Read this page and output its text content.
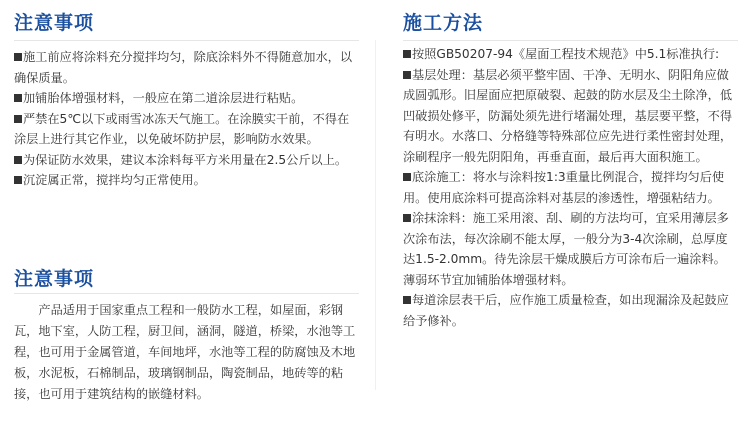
注意事项

施工前应将涂料充分搅拌均匀，除底涂料外不得随意加水，以确保质量。

加铺胎体增强材料，一般应在第二道涂层进行粘贴。

严禁在5℃以下或雨雪冰冻天气施工。在涂膜实干前，不得在涂层上进行其它作业，以免破坏防护层，影响防水效果。

为保证防水效果，建议本涂料每平方米用量在2.5公斤以上。

沉淀属正常，搅拌均匀正常使用。

注意事项
产品适用于国家重点工程和一般防水工程，如屋面，彩钢瓦，地下室，人防工程，厨卫间，涵洞，隧道，桥梁，水池等工程，也可用于金属管道，车间地坪，水池等工程的防腐蚀及木地板，水泥板，石棉制品，玻璃钢制品，陶瓷制品，地砖等的粘接，也可用于建筑结构的嵌缝材料。
施工方法

按照GB50207-94《屋面工程技术规范》中5.1标准执行:

基层处理：基层必须平整牢固、干净、无明水、阴阳角应做成圆弧形。旧屋面应把原破裂、起鼓的防水层及尘土除净，低凹破损处修平，防漏处须先进行堵漏处理，基层要平整，不得有明水。水落口、分格缝等特殊部位应先进行柔性密封处理，涂刷程序一般先阴阳角，再垂直面，最后再大面积施工。

底涂施工：将水与涂料按1:3重量比例混合，搅拌均匀后使用。使用底涂料可提高涂料对基层的渗透性，增强粘结力。

涂抹涂料：施工采用滚、刮、刷的方法均可，宜采用薄层多次涂布法，每次涂刷不能太厚，一般分为3-4次涂刷，总厚度达1.5-2.0mm。待先涂层干燥成膜后方可涂布后一遍涂料。薄弱环节宜加铺胎体增强材料。

每道涂层表干后，应作施工质量检查，如出现漏涂及起鼓应给予修补。
